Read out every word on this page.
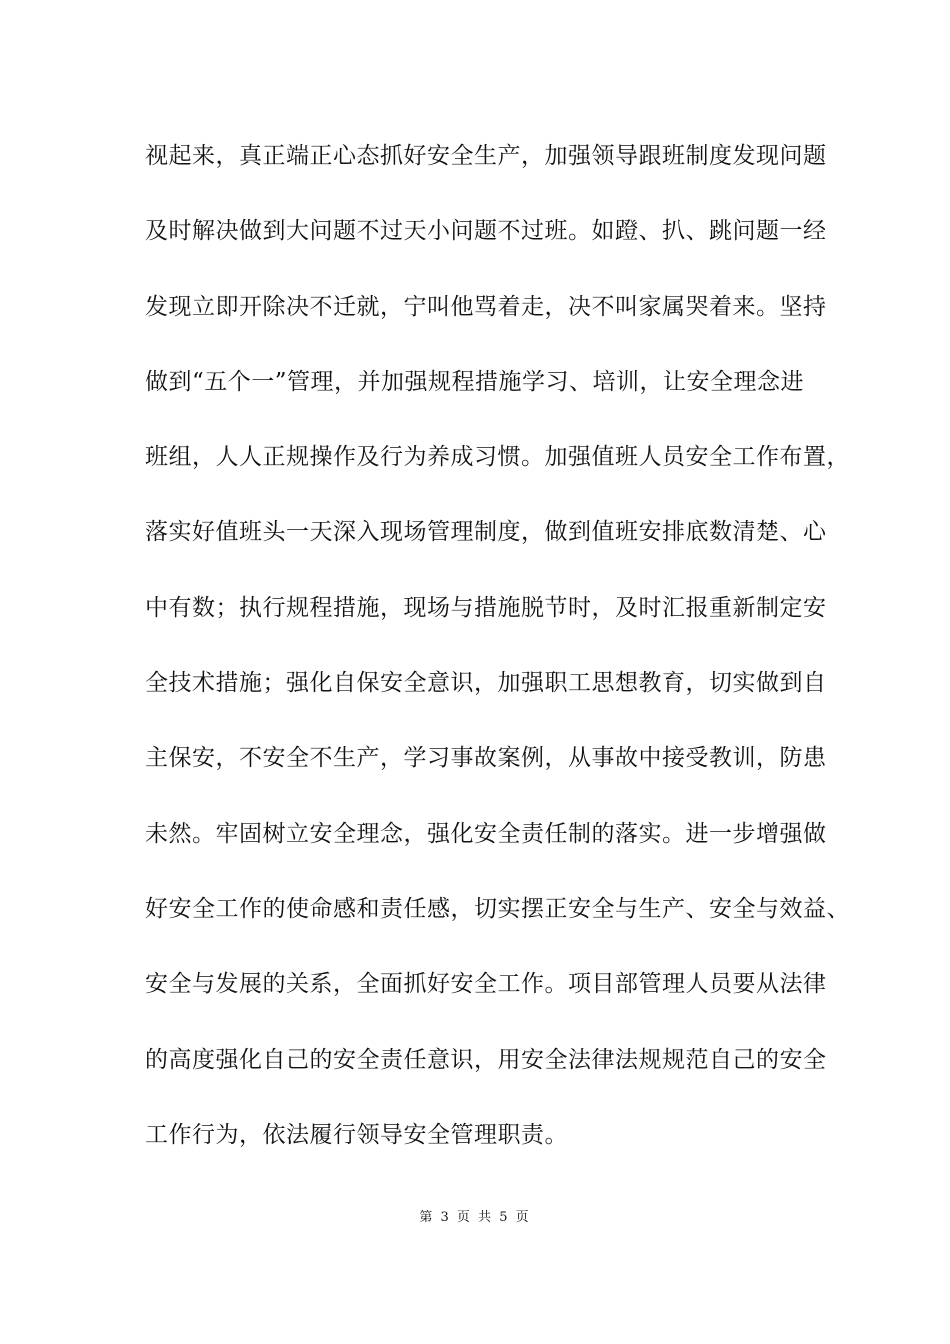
视起来，真正端正心态抓好安全生产，加强领导跟班制度发现问题
及时解决做到大问题不过天小问题不过班。如蹬、扒、跳问题一经
发现立即开除决不迁就，宁叫他骂着走，决不叫家属哭着来。坚持
做到“五个一”管理，并加强规程措施学习、培训，让安全理念进
班组，人人正规操作及行为养成习惯。加强值班人员安全工作布置，
落实好值班头一天深入现场管理制度，做到值班安排底数清楚、心
中有数；执行规程措施，现场与措施脱节时，及时汇报重新制定安
全技术措施；强化自保安全意识，加强职工思想教育，切实做到自
主保安，不安全不生产，学习事故案例，从事故中接受教训，防患
未然。牢固树立安全理念，强化安全责任制的落实。进一步增强做
好安全工作的使命感和责任感，切实摆正安全与生产、安全与效益、
安全与发展的关系，全面抓好安全工作。项目部管理人员要从法律
的高度强化自己的安全责任意识，用安全法律法规规范自己的安全
工作行为，依法履行领导安全管理职责。
第 3 页 共 5 页
